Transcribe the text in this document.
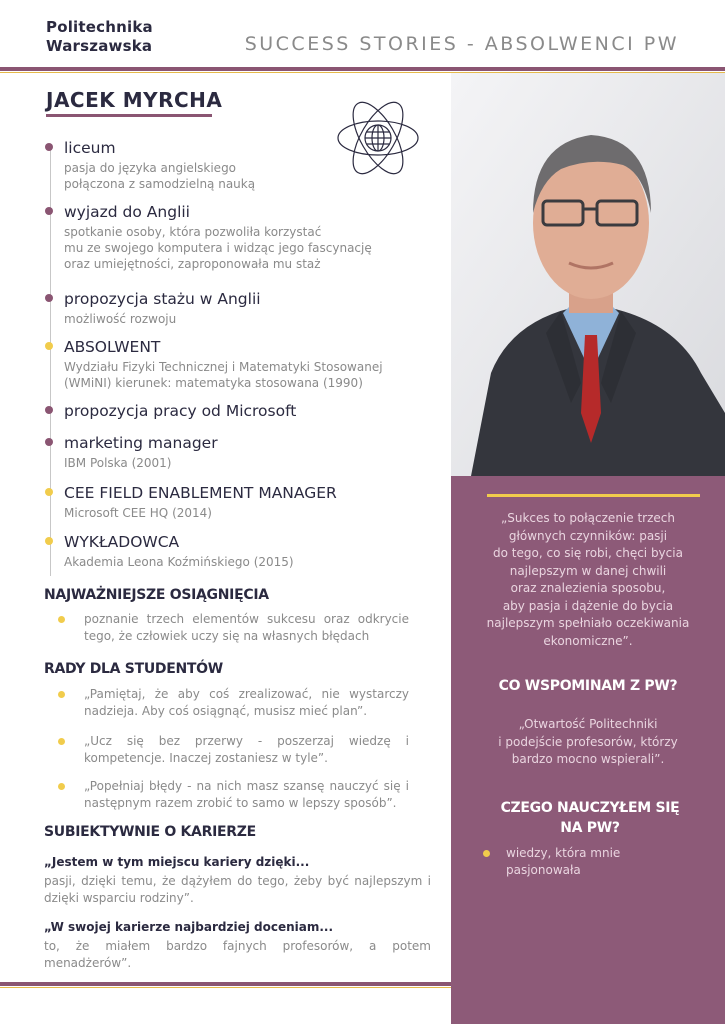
Politechnika
Warszawska	SUCCESS STORIES - ABSOLWENCI PW
„Sukces to połączenie trzech
głównych czynników: pasji
do tego, co się robi, chęci bycia
najlepszym w danej chwili
oraz znalezienia sposobu,
aby pasja i dążenie do bycia
najlepszym spełniało oczekiwania
ekonomiczne”.
CO WSPOMINAM Z PW?
„Otwartość Politechniki
i podejście profesorów, którzy
bardzo mocno wspierali”.
CZEGO NAUCZYŁEM SIĘ NA PW?
wiedzy, która mnie pasjonowała
JACEK MYRCHA
liceum
pasja do języka angielskiego
połączona z samodzielną nauką
wyjazd do Anglii
spotkanie osoby, która pozwoliła korzystać
mu ze swojego komputera i widząc jego fascynację
oraz umiejętności, zaproponowała mu staż
propozycja stażu w Anglii
możliwość rozwoju
ABSOLWENT
Wydziału Fizyki Technicznej i Matematyki Stosowanej
(WMiNI) kierunek: matematyka stosowana (1990)
propozycja pracy od Microsoft
marketing manager
IBM Polska (2001)
CEE FIELD ENABLEMENT MANAGER
Microsoft CEE HQ (2014)
WYKŁADOWCA
Akademia Leona Koźmińskiego (2015)
NAJWAŻNIEJSZE OSIĄGNIĘCIA
poznanie trzech elementów sukcesu oraz odkrycie tego, że człowiek uczy się na własnych błędach
RADY DLA STUDENTÓW
„Pamiętaj, że aby coś zrealizować, nie wystarczy nadzieja. Aby coś osiągnąć, musisz mieć plan”.
„Ucz się bez przerwy - poszerzaj wiedzę i kompetencje. Inaczej zostaniesz w tyle”.
„Popełniaj błędy - na nich masz szansę nauczyć się i następnym razem zrobić to samo w lepszy sposób”.
SUBIEKTYWNIE O KARIERZE
„Jestem w tym miejscu kariery dzięki...
pasji, dzięki temu, że dążyłem do tego, żeby być najlepszym i dzięki wsparciu rodziny”.
„W swojej karierze najbardziej doceniam...
to, że miałem bardzo fajnych profesorów, a potem menadżerów”.
